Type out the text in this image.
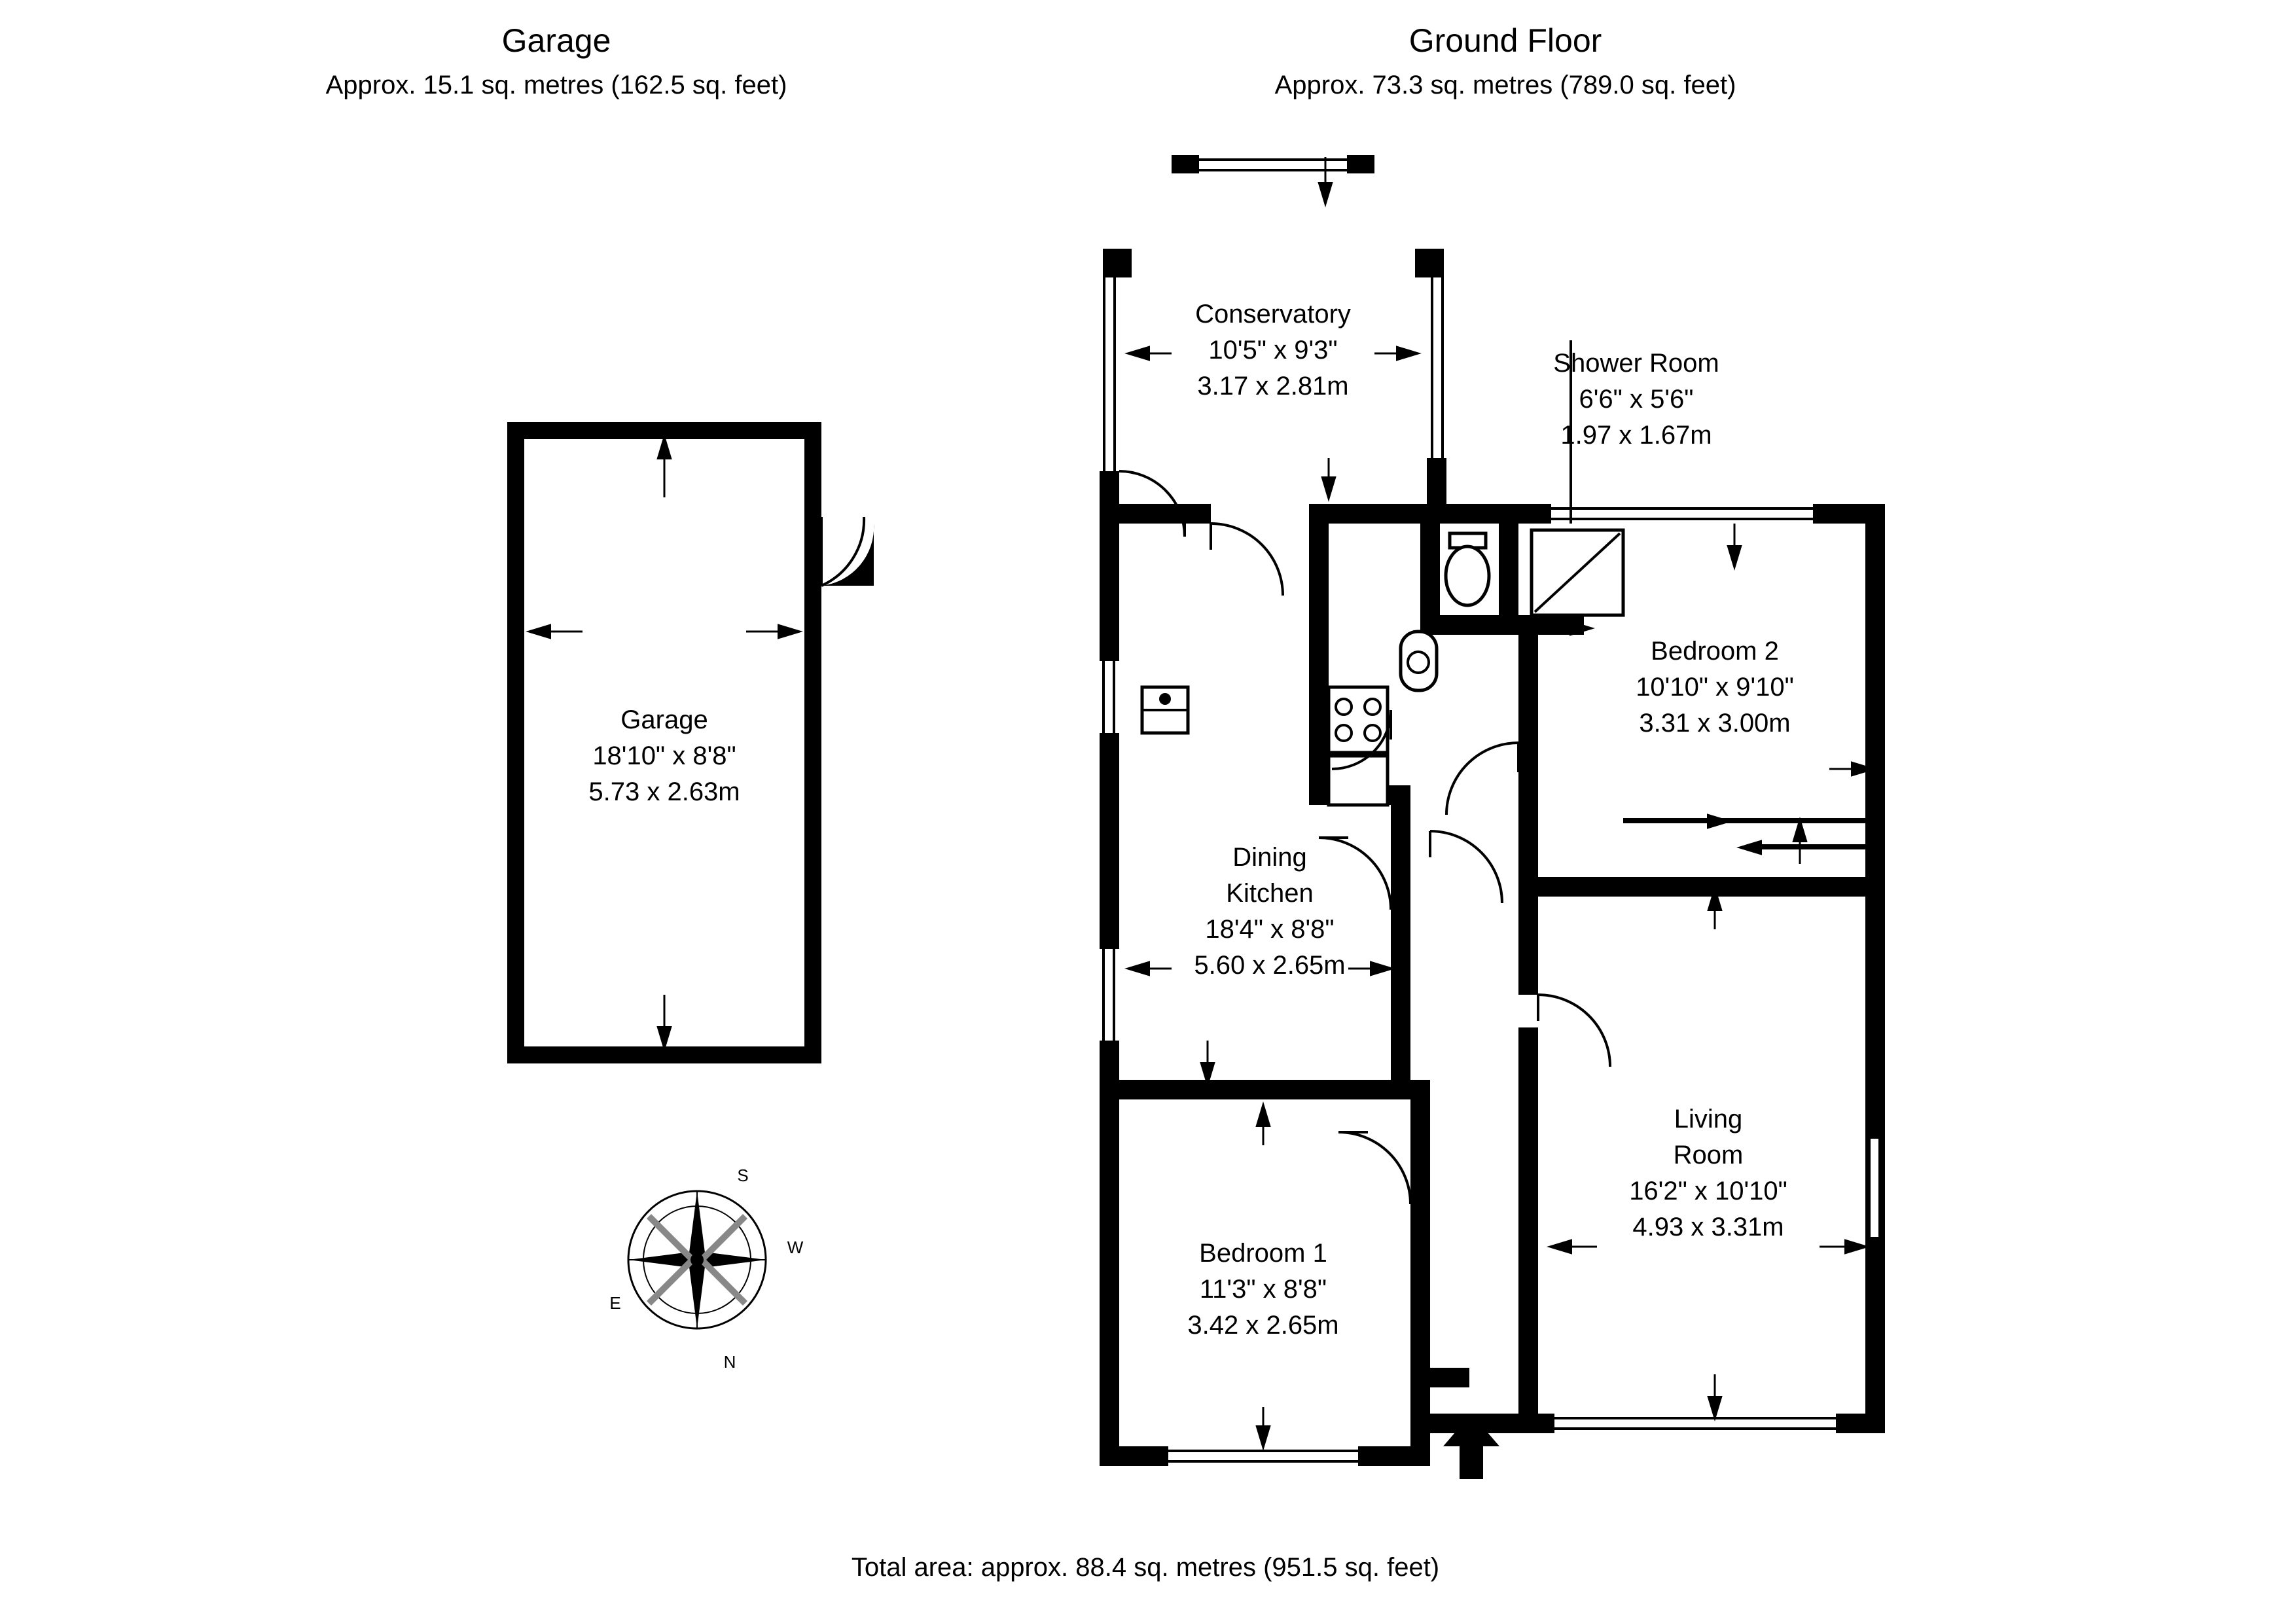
Garage
Approx. 15.1 sq. metres (162.5 sq. feet)
Ground Floor
Approx. 73.3 sq. metres (789.0 sq. feet)
Total area: approx. 88.4 sq. metres (951.5 sq. feet)
Garage
18'10" x 8'8"
5.73 x 2.63m
Conservatory
10'5" x 9'3"
3.17 x 2.81m
Shower Room
6'6" x 5'6"
1.97 x 1.67m
Bedroom 2
10'10" x 9'10"
3.31 x 3.00m
Dining
Kitchen
18'4" x 8'8"
5.60 x 2.65m
Living
Room
16'2" x 10'10"
4.93 x 3.31m
Bedroom 1
11'3" x 8'8"
3.42 x 2.65m
S
W
N
E
